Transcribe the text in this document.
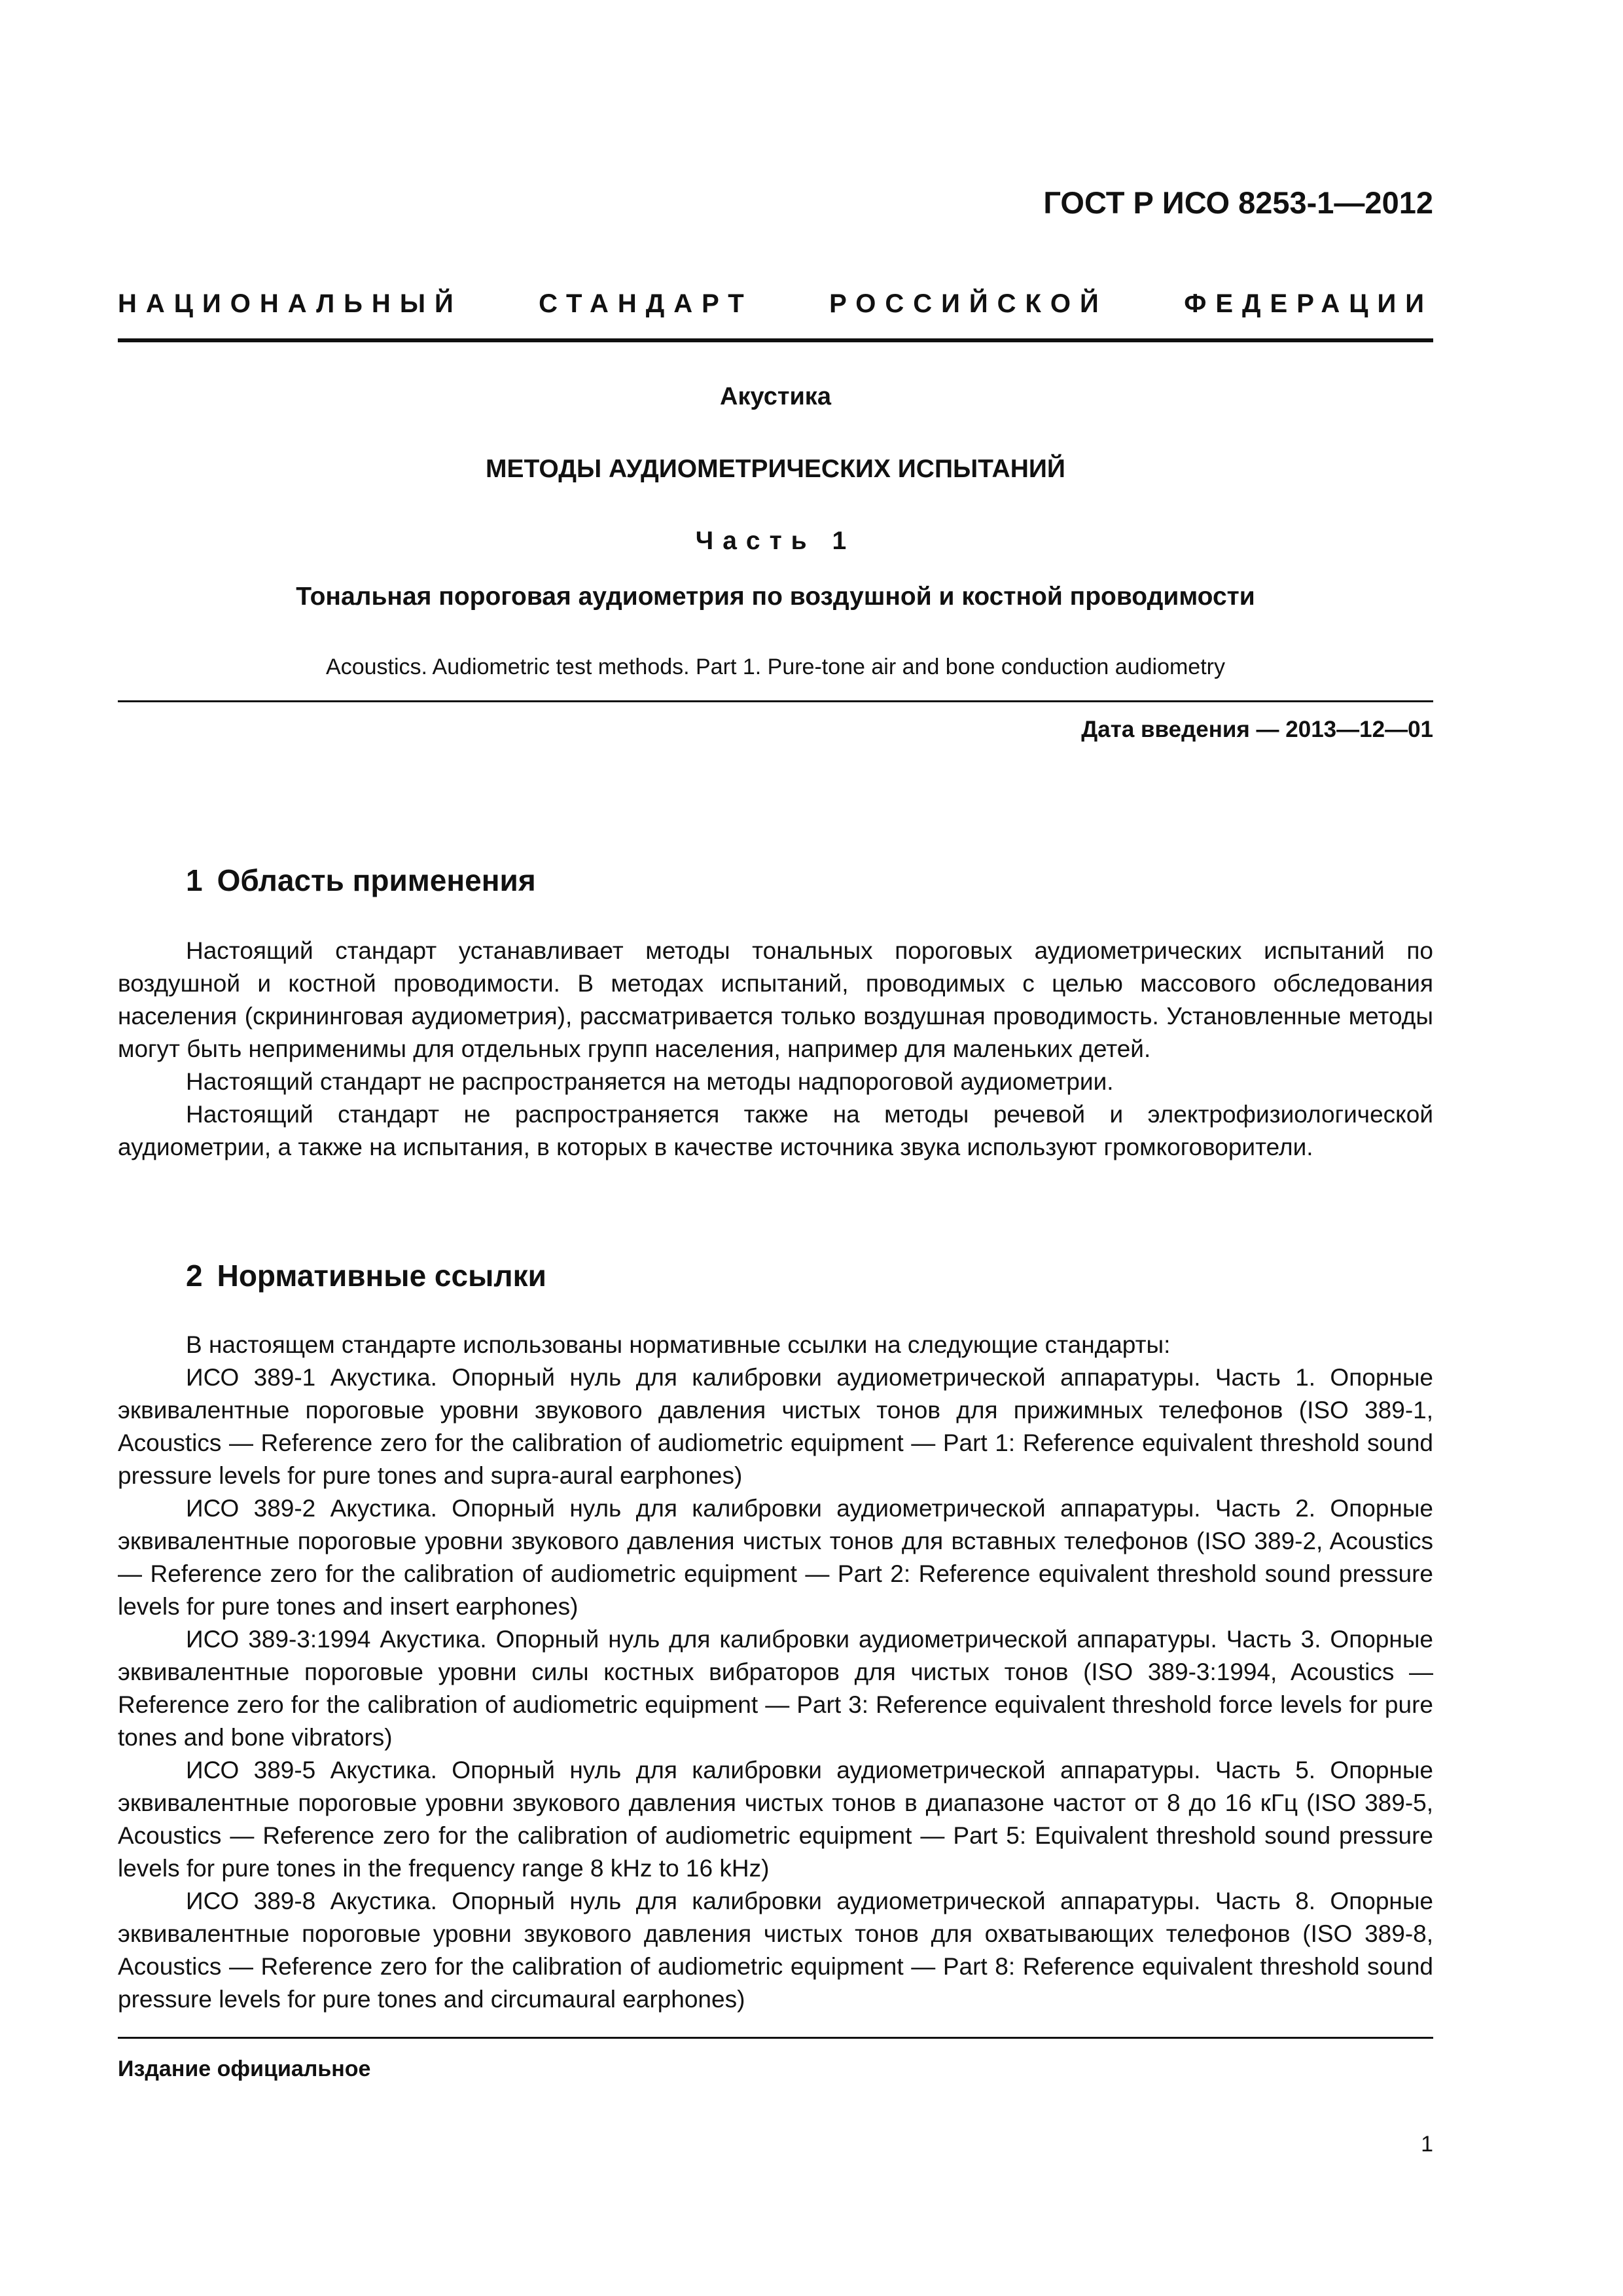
ГОСТ Р ИСО 8253-1—2012
НАЦИОНАЛЬНЫЙ	СТАНДАРТ	РОССИЙСКОЙ	ФЕДЕРАЦИИ
Акустика
МЕТОДЫ АУДИОМЕТРИЧЕСКИХ ИСПЫТАНИЙ
Часть 1
Тональная пороговая аудиометрия по воздушной и костной проводимости
Acoustics. Audiometric test methods. Part 1. Pure-tone air and bone conduction audiometry
Дата введения — 2013—12—01
1 Область применения

Настоящий стандарт устанавливает методы тональных пороговых аудиометрических испытаний по воздушной и костной проводимости. В методах испытаний, проводимых с целью массового обследования населения (скрининговая аудиометрия), рассматривается только воздушная проводимость. Установленные методы могут быть неприменимы для отдельных групп населения, например для маленьких детей.

Настоящий стандарт не распространяется на методы надпороговой аудиометрии.

Настоящий стандарт не распространяется также на методы речевой и электрофизиологической аудиометрии, а также на испытания, в которых в качестве источника звука используют громкоговорители.

2 Нормативные ссылки

В настоящем стандарте использованы нормативные ссылки на следующие стандарты:

ИСО 389-1 Акустика. Опорный нуль для калибровки аудиометрической аппаратуры. Часть 1. Опорные эквивалентные пороговые уровни звукового давления чистых тонов для прижимных телефонов (ISO 389-1, Acoustics — Reference zero for the calibration of audiometric equipment — Part 1: Reference equivalent threshold sound pressure levels for pure tones and supra-aural earphones)

ИСО 389-2 Акустика. Опорный нуль для калибровки аудиометрической аппаратуры. Часть 2. Опорные эквивалентные пороговые уровни звукового давления чистых тонов для вставных телефонов (ISO 389-2, Acoustics — Reference zero for the calibration of audiometric equipment — Part 2: Reference equivalent threshold sound pressure levels for pure tones and insert earphones)

ИСО 389-3:1994 Акустика. Опорный нуль для калибровки аудиометрической аппаратуры. Часть 3. Опорные эквивалентные пороговые уровни силы костных вибраторов для чистых тонов (ISO 389-3:1994, Acoustics — Reference zero for the calibration of audiometric equipment — Part 3: Reference equivalent threshold force levels for pure tones and bone vibrators)

ИСО 389-5 Акустика. Опорный нуль для калибровки аудиометрической аппаратуры. Часть 5. Опорные эквивалентные пороговые уровни звукового давления чистых тонов в диапазоне частот от 8 до 16 кГц (ISO 389-5, Acoustics — Reference zero for the calibration of audiometric equipment — Part 5: Equivalent threshold sound pressure levels for pure tones in the frequency range 8 kHz to 16 kHz)

ИСО 389-8 Акустика. Опорный нуль для калибровки аудиометрической аппаратуры. Часть 8. Опорные эквивалентные пороговые уровни звукового давления чистых тонов для охватывающих телефонов (ISO 389-8, Acoustics — Reference zero for the calibration of audiometric equipment — Part 8: Reference equivalent threshold sound pressure levels for pure tones and circumaural earphones)

Издание официальное
1
